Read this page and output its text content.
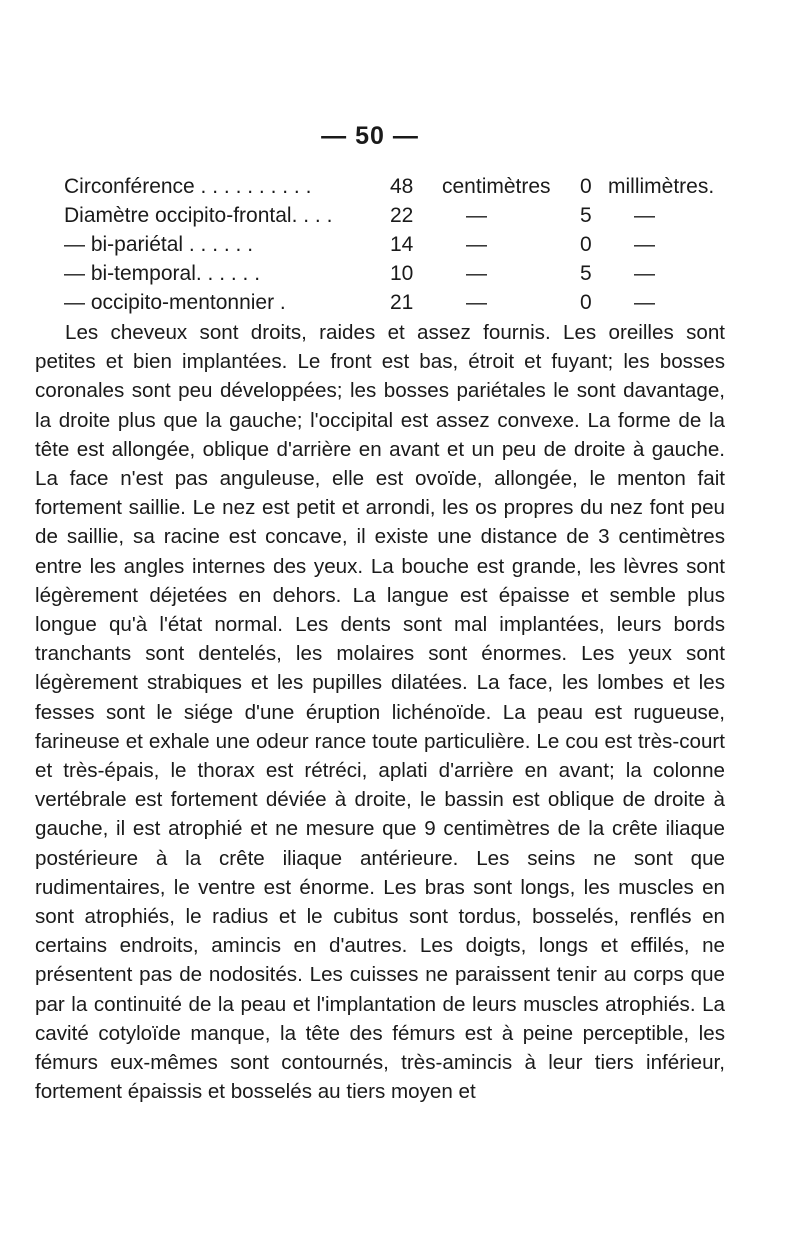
— 50 —
Circonférence . . . . . . . . . .	48	centimètres 0 millimètres.
Diamètre occipito-frontal. . . .	22	—	5 —
— bi-pariétal . . . . . .	14	—	0 —
— bi-temporal. . . . . .	10	—	5 —
— occipito-mentonnier .	21	—	0 —

Les cheveux sont droits, raides et assez fournis. Les oreilles sont petites et bien implantées. Le front est bas, étroit et fuyant; les bosses coronales sont peu développées; les bosses pariétales le sont davantage, la droite plus que la gauche; l'occipital est assez convexe. La forme de la tête est allongée, oblique d'arrière en avant et un peu de droite à gauche. La face n'est pas anguleuse, elle est ovoïde, allongée, le menton fait fortement saillie. Le nez est petit et arrondi, les os propres du nez font peu de saillie, sa racine est concave, il existe une distance de 3 centimètres entre les angles internes des yeux. La bouche est grande, les lèvres sont légèrement déjetées en dehors. La langue est épaisse et semble plus longue qu'à l'état normal. Les dents sont mal implantées, leurs bords tranchants sont dentelés, les molaires sont énormes. Les yeux sont légèrement strabiques et les pupilles dilatées. La face, les lombes et les fesses sont le siége d'une éruption lichénoïde. La peau est rugueuse, farineuse et exhale une odeur rance toute particulière. Le cou est très-court et très-épais, le thorax est rétréci, aplati d'arrière en avant; la colonne vertébrale est fortement déviée à droite, le bassin est oblique de droite à gauche, il est atrophié et ne mesure que 9 centimètres de la crête iliaque postérieure à la crête iliaque antérieure. Les seins ne sont que rudimentaires, le ventre est énorme. Les bras sont longs, les muscles en sont atrophiés, le radius et le cubitus sont tordus, bosselés, renflés en certains endroits, amincis en d'autres. Les doigts, longs et effilés, ne présentent pas de nodosités. Les cuisses ne paraissent tenir au corps que par la continuité de la peau et l'implantation de leurs muscles atrophiés. La cavité cotyloïde manque, la tête des fémurs est à peine perceptible, les fémurs eux-mêmes sont contournés, très-amincis à leur tiers inférieur, fortement épaissis et bosselés au tiers moyen et
